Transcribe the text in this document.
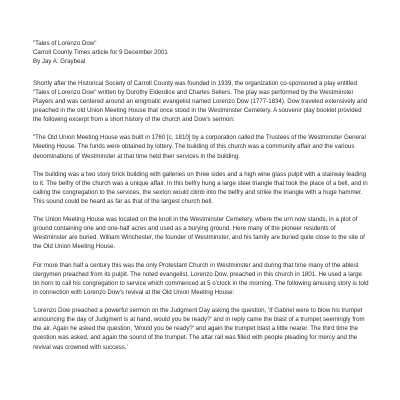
"Tales of Lorenzo Dow"

Carroll County Times article for 9 December 2001

By Jay A. Graybeal

Shortly after the Historical Society of Carroll County was founded in 1939, the organization co-sponsored a play entitled "Tales of Lorenzo Dow" written by Dorothy Elderdice and Charles Sellers. The play was performed by the Westminster Players and was centered around an enigmatic evangelist named Lorenzo Dow (1777-1834). Dow traveled extensively and preached in the old Union Meeting House that once stood in the Westminster Cemetery. A souvenir play booklet provided the following excerpt from a short history of the church and Dow's sermon:

"The Old Union Meeting House was built in 1760 [c. 1810] by a corporation called the Trustees of the Westminster General Meeting House. The funds were obtained by lottery. The building of this church was a community affair and the various denominations of Westminster at that time held their services in the building.

The building was a two story brick building with galleries on three sides and a high wine glass pulpit with a stairway leading to it. The belfry of the church was a unique affair. In this belfry hung a large steel triangle that took the place of a bell, and in calling the congregation to the services, the sexton would climb into the belfry and strike the triangle with a huge hammer. This sound could be heard as far as that of the largest church bell.

The Union Meeting House was located on the knoll in the Westminster Cemetery, where the urn now stands, in a plot of ground containing one and one-half acres and used as a burying ground. Here many of the pioneer residents of Westminster are buried. William Winchester, the founder of Westminster, and his family are buried quite close to the site of the Old Union Meeting House.

For more than half a century this was the only Protestant Church in Westminster and during that time many of the ablest clergymen preached from its pulpit. The noted evangelist, Lorenzo Dow, preached in this church in 1801. He used a large tin horn to call his congregation to service which commenced at 5 o'clock in the morning. The following amusing story is told in connection with Lorenzo Dow's revival at the Old Union Meeting House:

'Lorenzo Dow preached a powerful sermon on the Judgment Day asking the question, 'If Gabriel were to blow his trumpet announcing the day of Judgment is at hand, would you be ready?' and in reply came the blast of a trumpet seemingly from the air. Again he asked the question, 'Would you be ready?' and again the trumpet blast a little nearer. The third time the question was asked, and again the sound of the trumpet. The altar rail was filled with people pleading for mercy and the revival was crowned with success.'
